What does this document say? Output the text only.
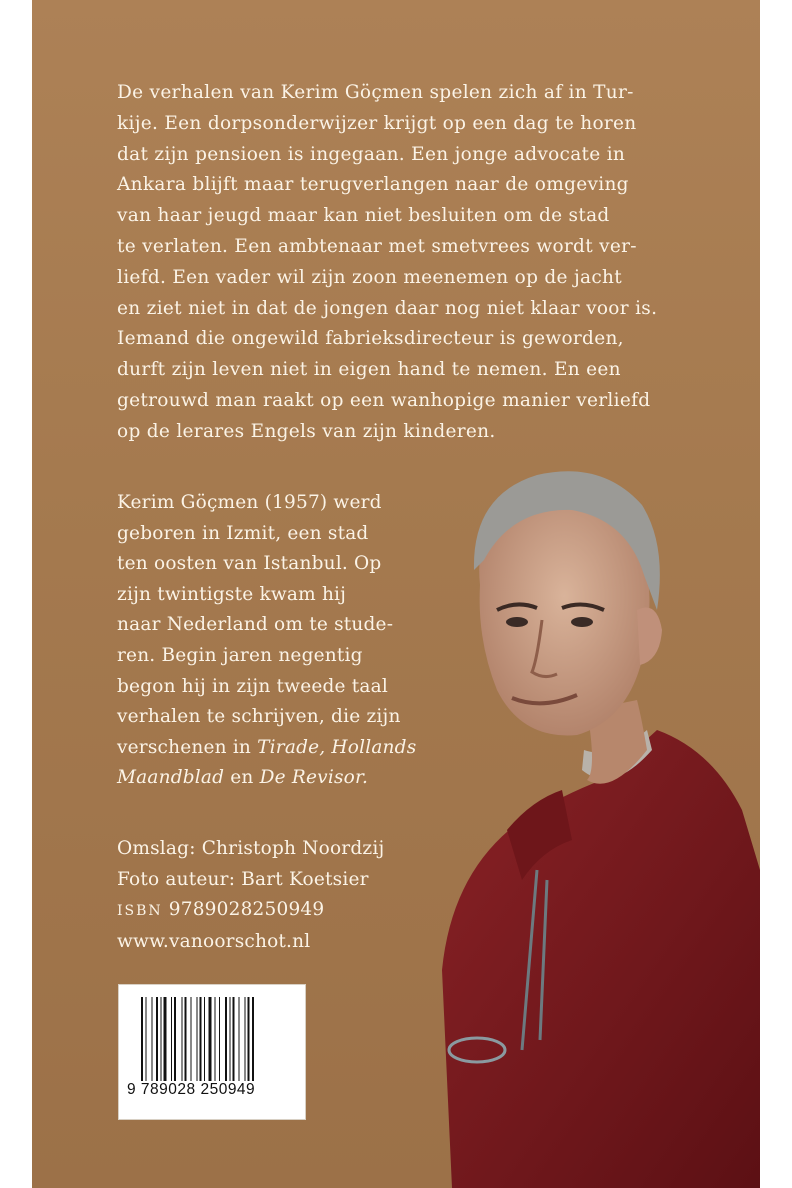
De verhalen van Kerim Göçmen spelen zich af in Tur-
kije. Een dorpsonderwijzer krijgt op een dag te horen
dat zijn pensioen is ingegaan. Een jonge advocate in
Ankara blijft maar terugverlangen naar de omgeving
van haar jeugd maar kan niet besluiten om de stad
te verlaten. Een ambtenaar met smetvrees wordt ver-
liefd. Een vader wil zijn zoon meenemen op de jacht
en ziet niet in dat de jongen daar nog niet klaar voor is.
Iemand die ongewild fabrieksdirecteur is geworden,
durft zijn leven niet in eigen hand te nemen. En een
getrouwd man raakt op een wanhopige manier verliefd
op de lerares Engels van zijn kinderen.
Kerim Göçmen (1957) werd
geboren in Izmit, een stad
ten oosten van Istanbul. Op
zijn twintigste kwam hij
naar Nederland om te stude-
ren. Begin jaren negentig
begon hij in zijn tweede taal
verhalen te schrijven, die zijn
verschenen in Tirade, Hollands
Maandblad en De Revisor.
Omslag: Christoph Noordzij
Foto auteur: Bart Koetsier
ISBN 9789028250949
www.vanoorschot.nl
9 789028 250949
